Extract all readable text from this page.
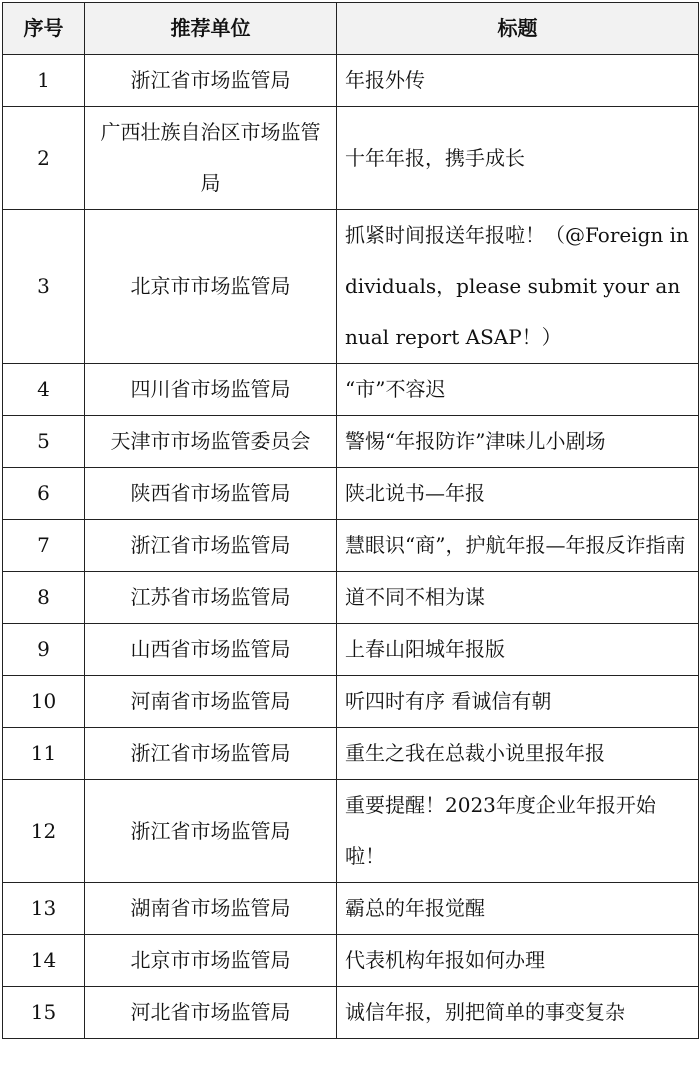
序号	推荐单位	标题
1	浙江省市场监管局	年报外传
2	广西壮族自治区市场监管局	十年年报，携手成长
3	北京市市场监管局	抓紧时间报送年报啦！（@Foreign individuals，please submit your annual report ASAP！）
4	四川省市场监管局	“市”不容迟
5	天津市市场监管委员会	警惕“年报防诈”津味儿小剧场
6	陕西省市场监管局	陕北说书—年报
7	浙江省市场监管局	慧眼识“商”，护航年报—年报反诈指南
8	江苏省市场监管局	道不同不相为谋
9	山西省市场监管局	上春山阳城年报版
10	河南省市场监管局	听四时有序 看诚信有朝
11	浙江省市场监管局	重生之我在总裁小说里报年报
12	浙江省市场监管局	重要提醒！2023年度企业年报开始啦！
13	湖南省市场监管局	霸总的年报觉醒
14	北京市市场监管局	代表机构年报如何办理
15	河北省市场监管局	诚信年报，别把简单的事变复杂
